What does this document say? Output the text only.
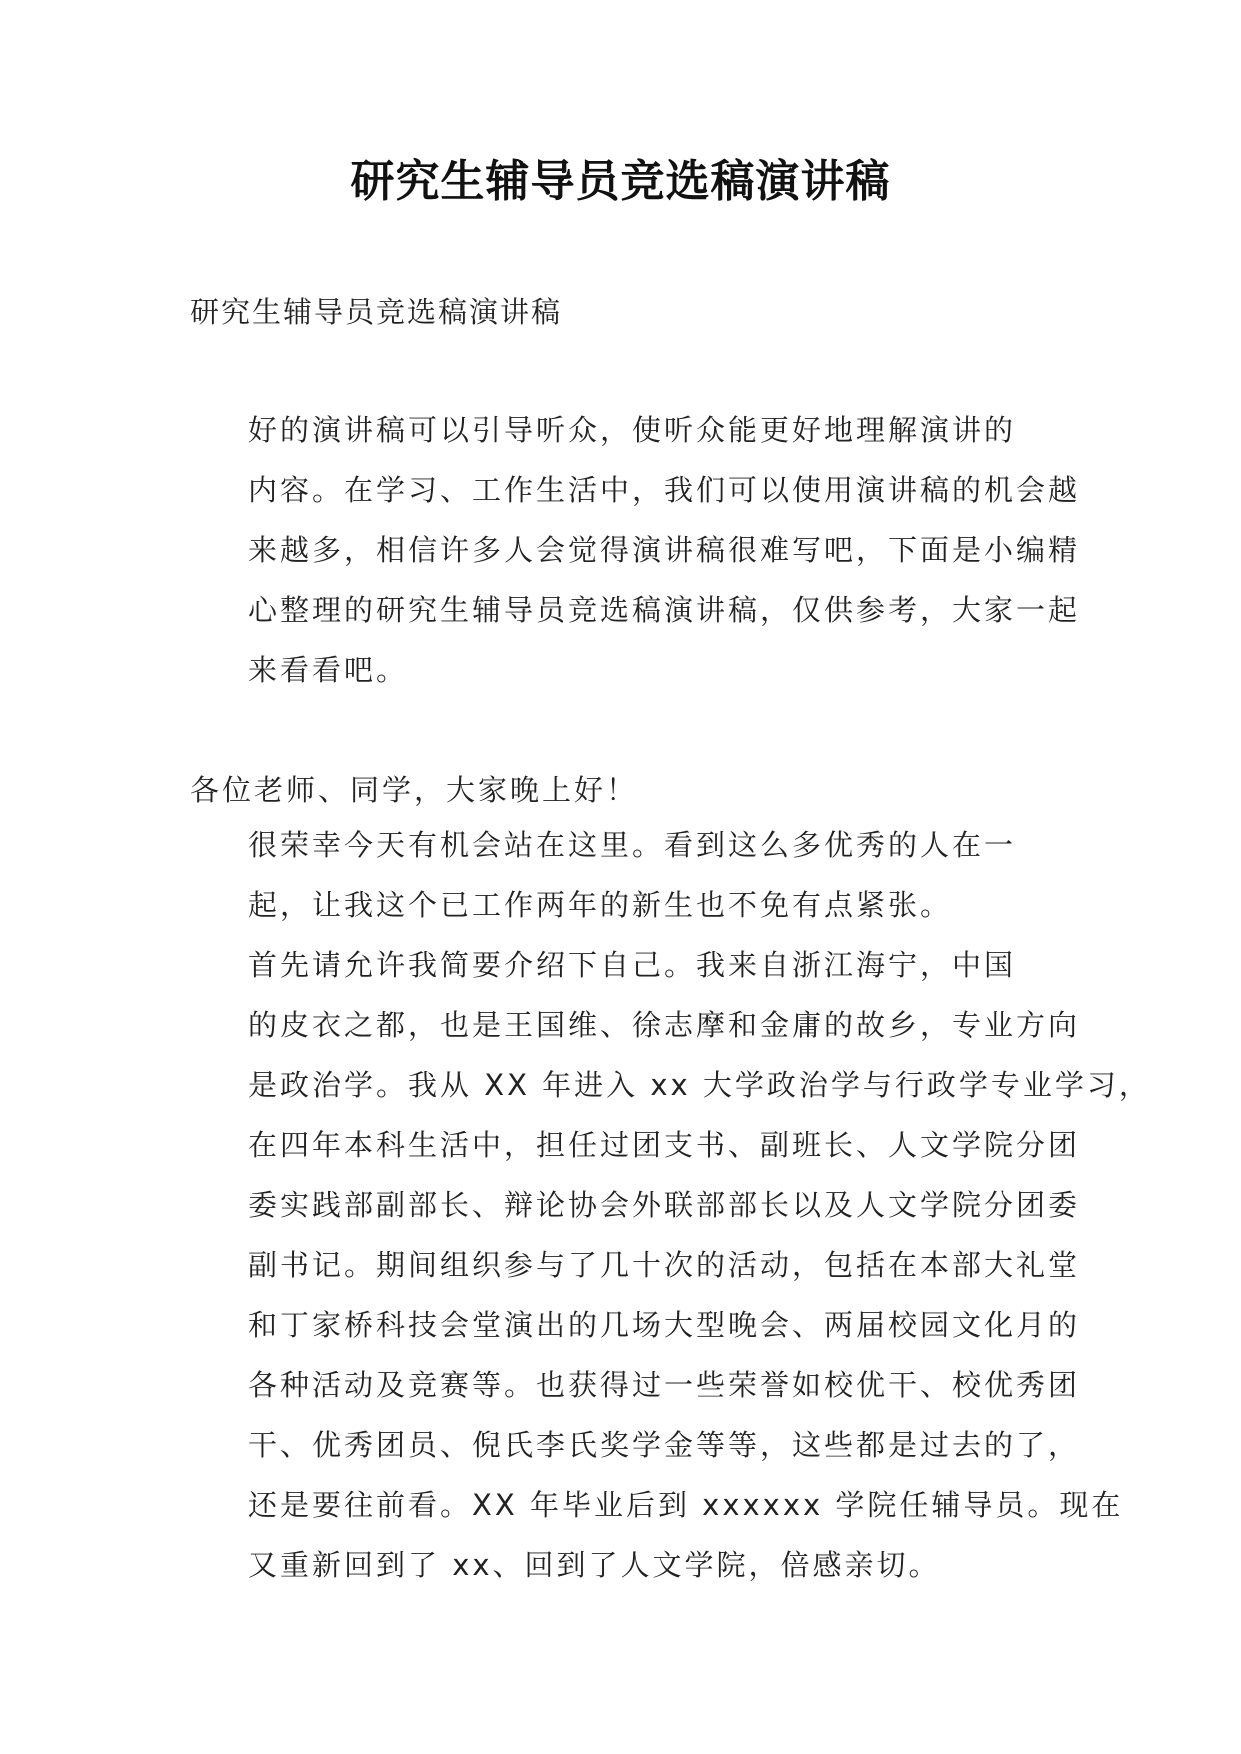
研究生辅导员竞选稿演讲稿
研究生辅导员竞选稿演讲稿
好的演讲稿可以引导听众，使听众能更好地理解演讲的
内容。在学习、工作生活中，我们可以使用演讲稿的机会越
来越多，相信许多人会觉得演讲稿很难写吧，下面是小编精
心整理的研究生辅导员竞选稿演讲稿，仅供参考，大家一起
来看看吧。
各位老师、同学，大家晚上好！
很荣幸今天有机会站在这里。看到这么多优秀的人在一
起，让我这个已工作两年的新生也不免有点紧张。
首先请允许我简要介绍下自己。我来自浙江海宁，中国
的皮衣之都，也是王国维、徐志摩和金庸的故乡，专业方向
是政治学。我从 XX 年进入 xx 大学政治学与行政学专业学习，
在四年本科生活中，担任过团支书、副班长、人文学院分团
委实践部副部长、辩论协会外联部部长以及人文学院分团委
副书记。期间组织参与了几十次的活动，包括在本部大礼堂
和丁家桥科技会堂演出的几场大型晚会、两届校园文化月的
各种活动及竞赛等。也获得过一些荣誉如校优干、校优秀团
干、优秀团员、倪氏李氏奖学金等等，这些都是过去的了，
还是要往前看。XX 年毕业后到 xxxxxx 学院任辅导员。现在
又重新回到了 xx、回到了人文学院，倍感亲切。
